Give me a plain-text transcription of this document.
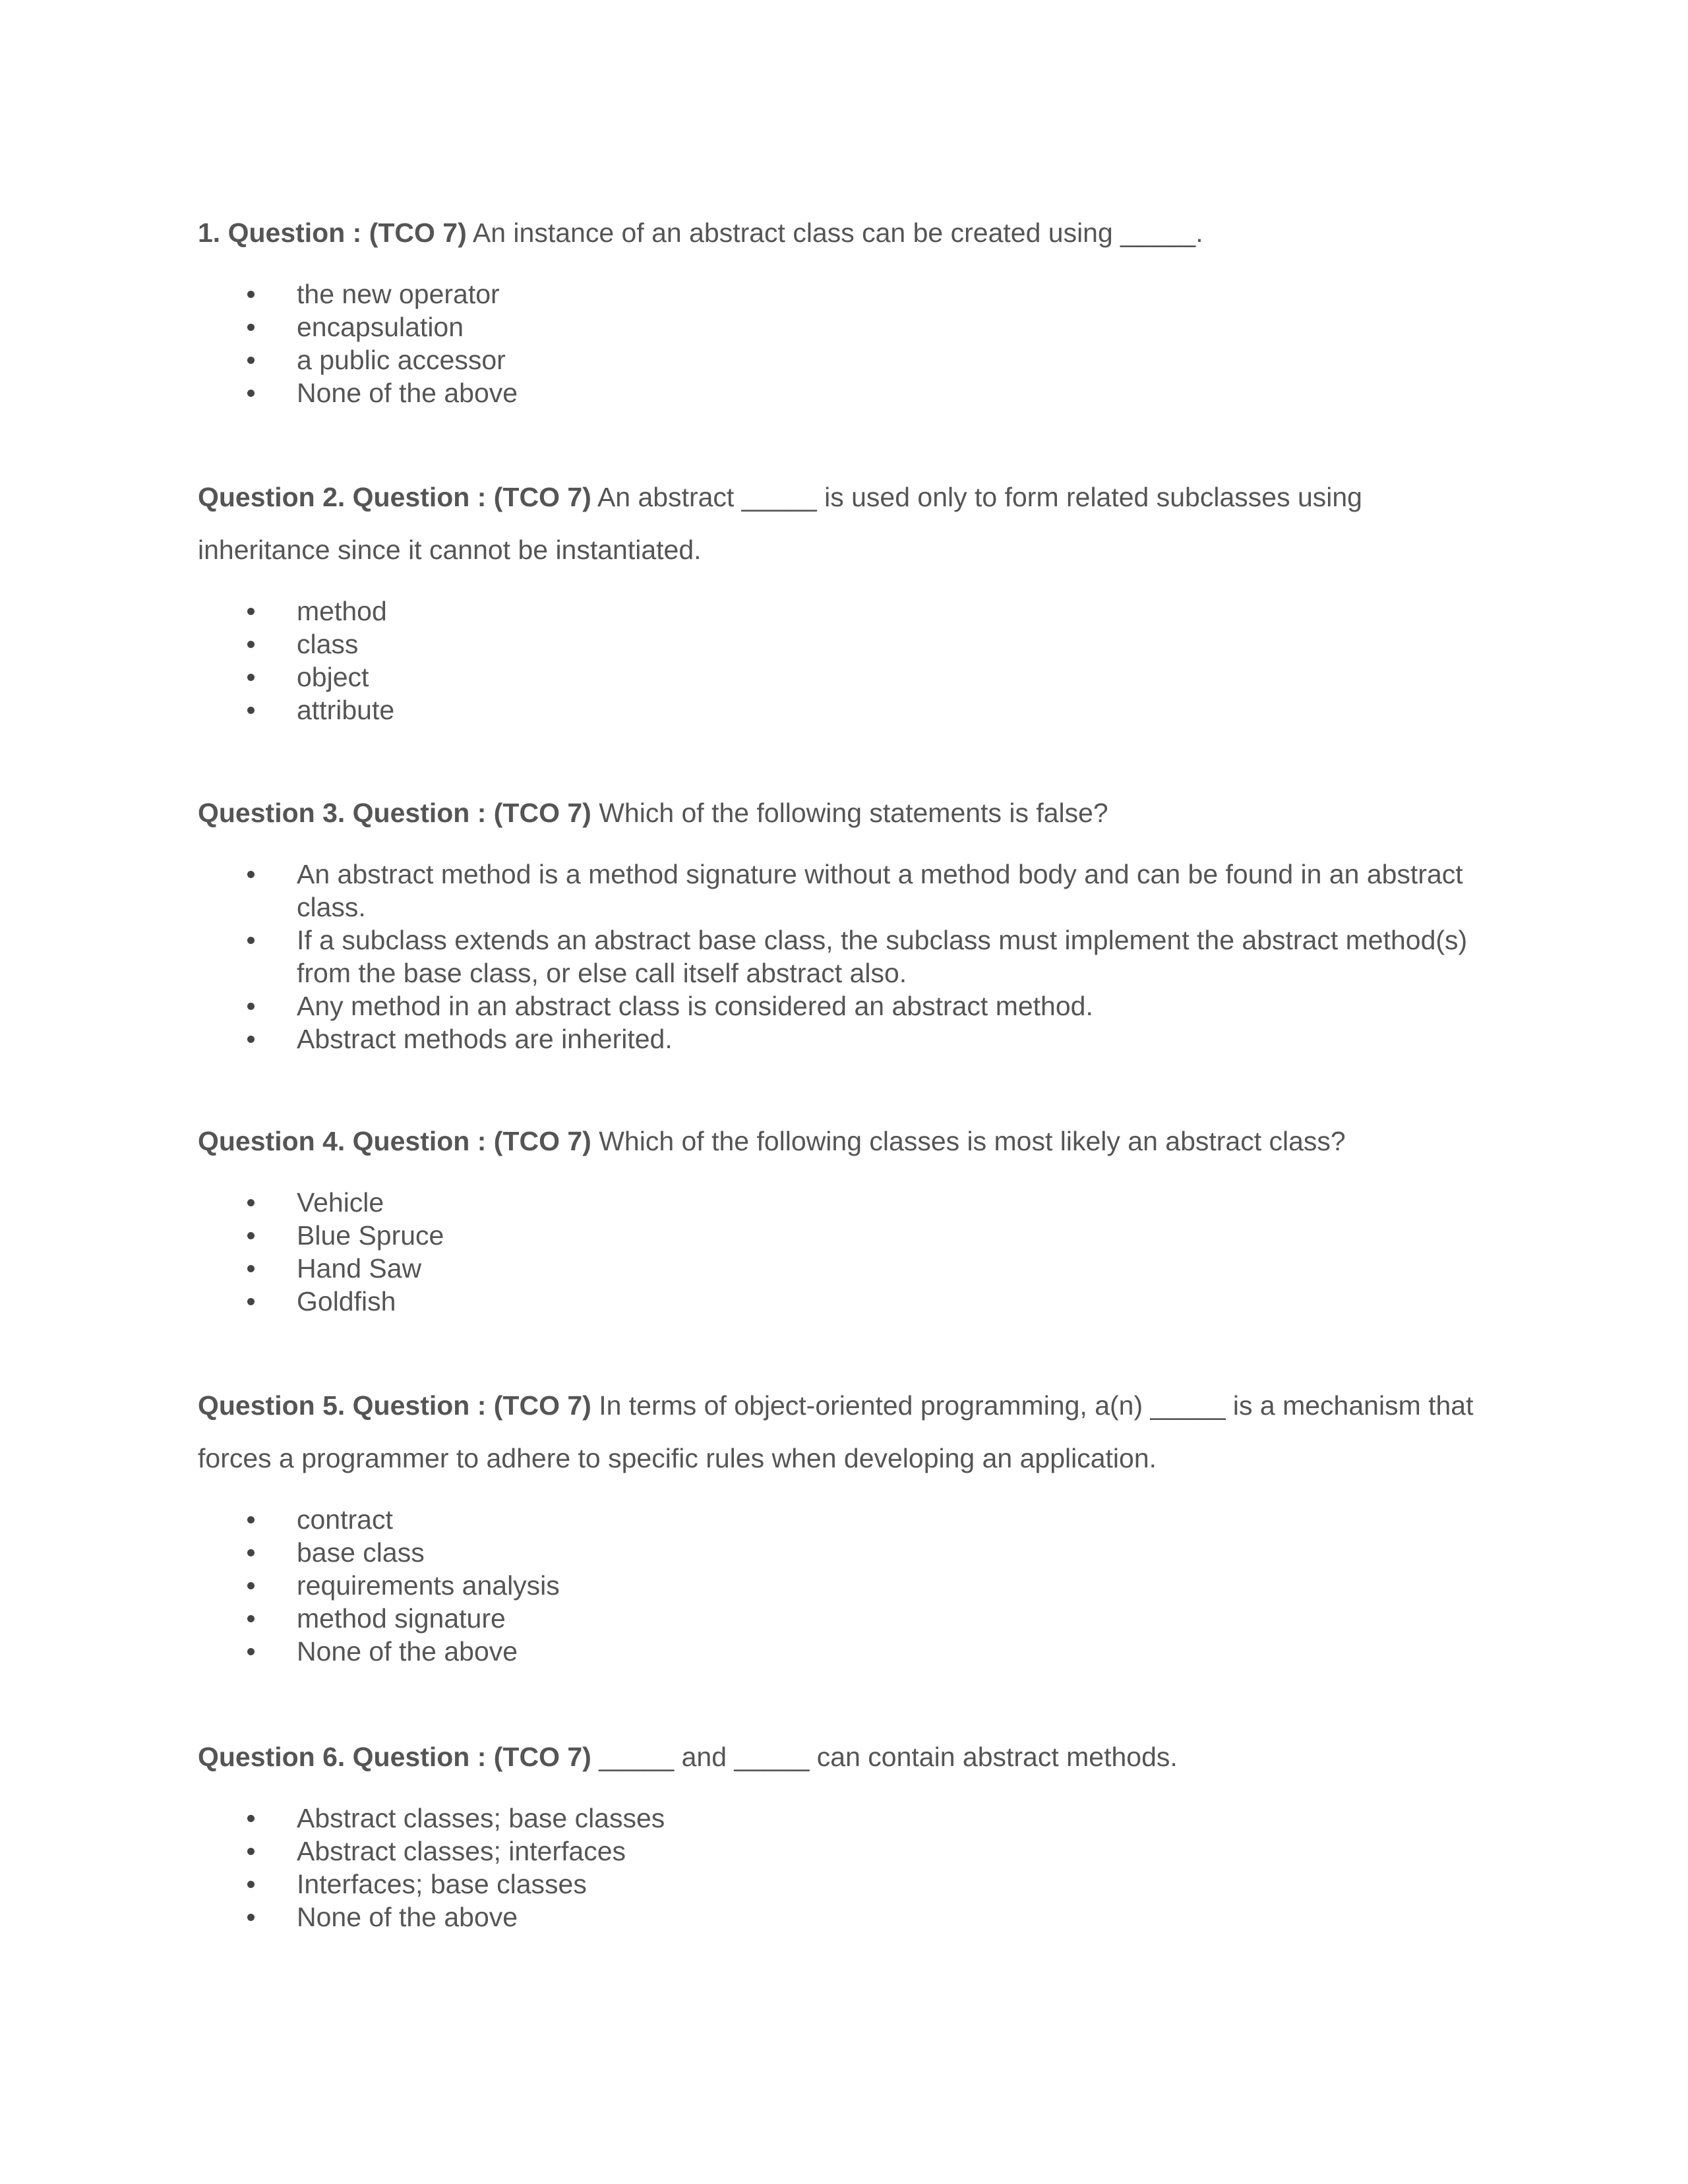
1. Question : (TCO 7) An instance of an abstract class can be created using _____.

the new operator
encapsulation
a public accessor
None of the above

Question 2. Question : (TCO 7) An abstract _____ is used only to form related subclasses using inheritance since it cannot be instantiated.

method
class
object
attribute

Question 3. Question : (TCO 7) Which of the following statements is false?

An abstract method is a method signature without a method body and can be found in an abstract class.
If a subclass extends an abstract base class, the subclass must implement the abstract method(s) from the base class, or else call itself abstract also.
Any method in an abstract class is considered an abstract method.
Abstract methods are inherited.

Question 4. Question : (TCO 7) Which of the following classes is most likely an abstract class?

Vehicle
Blue Spruce
Hand Saw
Goldfish

Question 5. Question : (TCO 7) In terms of object-oriented programming, a(n) _____ is a mechanism that forces a programmer to adhere to specific rules when developing an application.

contract
base class
requirements analysis
method signature
None of the above

Question 6. Question : (TCO 7) _____ and _____ can contain abstract methods.

Abstract classes; base classes
Abstract classes; interfaces
Interfaces; base classes
None of the above
